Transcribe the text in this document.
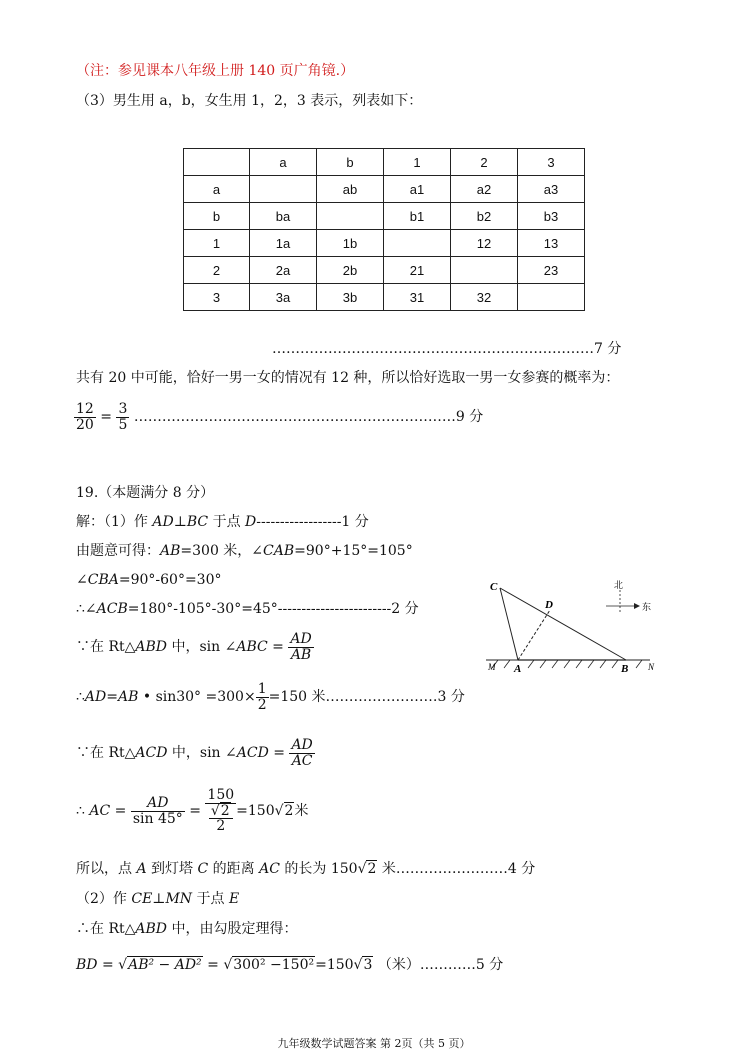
（注：参见课本八年级上册 140 页广角镜.）
（3）男生用 a，b，女生用 1，2，3 表示，列表如下：
	a	b	1	2	3
a		ab	a1	a2	a3
b	ba		b1	b2	b3
1	1a	1b		12	13
2	2a	2b	21		23
3	3a	3b	31	32	
……………………………………………………………7 分
共有 20 中可能，恰好一男一女的情况有 12 种，所以恰好选取一男一女参赛的概率为：
$\frac{12}{20} = \frac{3}{5}$ ……………………………………………………………9 分
19.（本题满分 8 分）
解：（1）作 AD⊥BC 于点 D------------------1 分
由题意可得：AB=300 米，∠CAB=90°+15°=105°
∠CBA=90°-60°=30°
∴∠ACB=180°-105°-30°=45°------------------------2 分
∵在 Rt△ABD 中，sin ∠ABC = $\frac{AD}{AB}$
∴AD=AB • $\sin 30^\circ =300\times \frac{1}{2} =150$ 米……………………3 分
∵在 Rt△ACD 中，sin ∠ACD = $\frac{AD}{AC}$
∴ AC = $\frac{AD}{\sin 45^\circ} = \frac{150}{\frac{√2}{2}} =150√2$米
所以，点 A 到灯塔 C 的距离 AC 的长为 150√2 米……………………4 分
（2）作 CE⊥MN 于点 E
∴在 Rt△ABD 中，由勾股定理得：
BD = √AB² − AD² = √300² −150²=150√3 （米）…………5 分
C
D
A	B
M	N
北
东
九年级数学试题答案 第 2页（共 5 页）
